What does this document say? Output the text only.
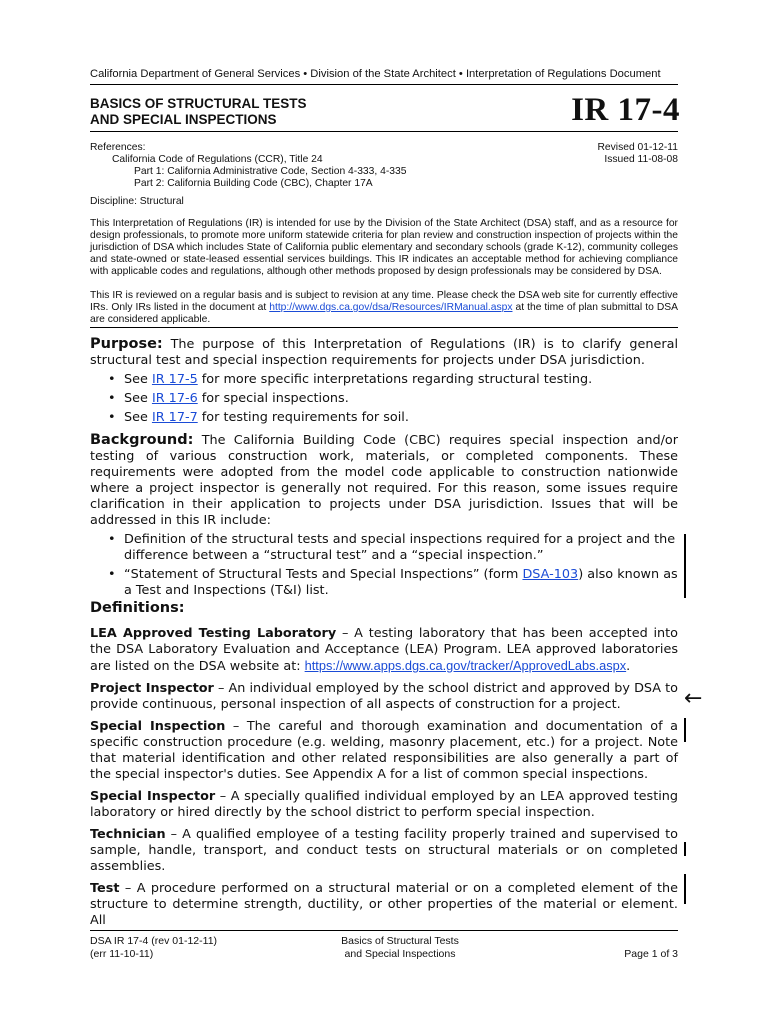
California Department of General Services • Division of the State Architect • Interpretation of Regulations Document
BASICS OF STRUCTURAL TESTS
AND SPECIAL INSPECTIONS	IR 17-4
References:
California Code of Regulations (CCR), Title 24
Part 1: California Administrative Code, Section 4-333, 4-335
Part 2: California Building Code (CBC), Chapter 17A
Discipline: Structural
Revised 01-12-11
Issued 11-08-08
This Interpretation of Regulations (IR) is intended for use by the Division of the State Architect (DSA) staff, and as a resource for design professionals, to promote more uniform statewide criteria for plan review and construction inspection of projects within the jurisdiction of DSA which includes State of California public elementary and secondary schools (grade K-12), community colleges and state-owned or state-leased essential services buildings. This IR indicates an acceptable method for achieving compliance with applicable codes and regulations, although other methods proposed by design professionals may be considered by DSA.
This IR is reviewed on a regular basis and is subject to revision at any time. Please check the DSA web site for currently effective IRs. Only IRs listed in the document at http://www.dgs.ca.gov/dsa/Resources/IRManual.aspx at the time of plan submittal to DSA are considered applicable.

Purpose: The purpose of this Interpretation of Regulations (IR) is to clarify general structural test and special inspection requirements for projects under DSA jurisdiction.

• See IR 17-5 for more specific interpretations regarding structural testing.
• See IR 17-6 for special inspections.
• See IR 17-7 for testing requirements for soil.

Background: The California Building Code (CBC) requires special inspection and/or testing of various construction work, materials, or completed components. These requirements were adopted from the model code applicable to construction nationwide where a project inspector is generally not required. For this reason, some issues require clarification in their application to projects under DSA jurisdiction. Issues that will be addressed in this IR include:

• Definition of the structural tests and special inspections required for a project and the difference between a “structural test” and a “special inspection.”
• “Statement of Structural Tests and Special Inspections” (form DSA-103) also known as a Test and Inspections (T&I) list.
Definitions:

LEA Approved Testing Laboratory – A testing laboratory that has been accepted into the DSA Laboratory Evaluation and Acceptance (LEA) Program. LEA approved laboratories are listed on the DSA website at: https://www.apps.dgs.ca.gov/tracker/ApprovedLabs.aspx.

Project Inspector – An individual employed by the school district and approved by DSA to provide continuous, personal inspection of all aspects of construction for a project.

Special Inspection – The careful and thorough examination and documentation of a specific construction procedure (e.g. welding, masonry placement, etc.) for a project. Note that material identification and other related responsibilities are also generally a part of the special inspector's duties. See Appendix A for a list of common special inspections.

Special Inspector – A specially qualified individual employed by an LEA approved testing laboratory or hired directly by the school district to perform special inspection.

Technician – A qualified employee of a testing facility properly trained and supervised to sample, handle, transport, and conduct tests on structural materials or on completed assemblies.

Test – A procedure performed on a structural material or on a completed element of the structure to determine strength, ductility, or other properties of the material or element. All

←
DSA IR 17-4 (rev 01-12-11)
(err 11-10-11)
Basics of Structural Tests
and Special Inspections	Page 1 of 3
